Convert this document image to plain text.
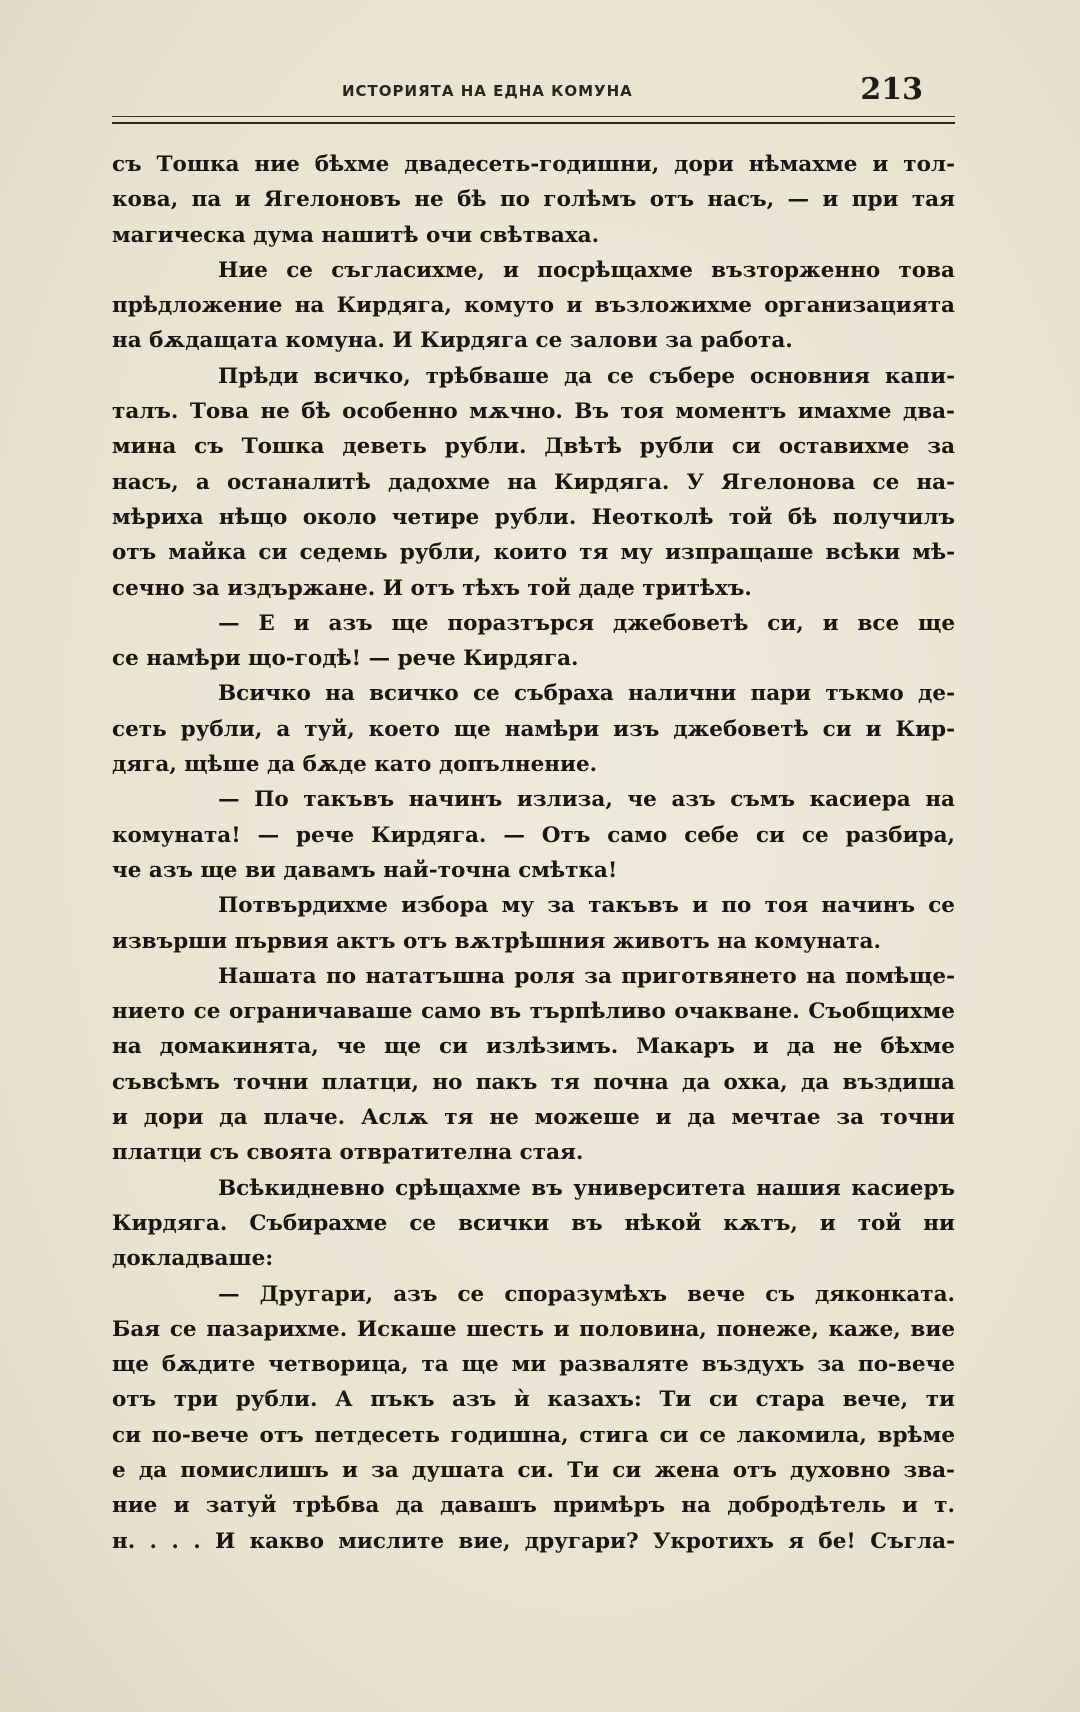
ИСТОРИЯТА НА ЕДНА КОМУНА	213
съ Тошка ние бѣхме двадесеть-годишни, дори нѣмахме и тол-
кова, па и Ягелоновъ не бѣ по голѣмъ отъ насъ, — и при тая
магическа дума нашитѣ очи свѣтваха.
Ние се съгласихме, и посрѣщахме възторженно това
прѣдложение на Кирдяга, комуто и възложихме организацията
на бѫдащата комуна. И Кирдяга се залови за работа.
Прѣди всичко, трѣбваше да се събере основния капи-
талъ. Това не бѣ особенно мѫчно. Въ тоя моментъ имахме два-
мина съ Тошка деветь рубли. Двѣтѣ рубли си оставихме за
насъ, а останалитѣ дадохме на Кирдяга. У Ягелонова се на-
мѣриха нѣщо около четире рубли. Неотколѣ той бѣ получилъ
отъ майка си седемь рубли, които тя му изпращаше всѣки мѣ-
сечно за издържане. И отъ тѣхъ той даде тритѣхъ.
— Е и азъ ще поразтърся джебоветѣ си, и все ще
се намѣри що-годѣ! — рече Кирдяга.
Всичко на всичко се събраха налични пари тъкмо де-
сеть рубли, а туй, което ще намѣри изъ джебоветѣ си и Кир-
дяга, щѣше да бѫде като допълнение.
— По такъвъ начинъ излиза, че азъ съмъ касиера на
комуната! — рече Кирдяга. — Отъ само себе си се разбира,
че азъ ще ви давамъ най-точна смѣтка!
Потвърдихме избора му за такъвъ и по тоя начинъ се
извърши първия актъ отъ вѫтрѣшния животъ на комуната.
Нашата по нататъшна роля за приготвянето на помѣще-
нието се ограничаваше само въ търпѣливо очакване. Съобщихме
на домакинята, че ще си излѣзимъ. Макаръ и да не бѣхме
съвсѣмъ точни платци, но пакъ тя почна да охка, да въздиша
и дори да плаче. Аслѫ тя не можеше и да мечтае за точни
платци съ своята отвратителна стая.
Всѣкидневно срѣщахме въ университета нашия касиеръ
Кирдяга. Събирахме се всички въ нѣкой кѫтъ, и той ни
докладваше:
— Другари, азъ се споразумѣхъ вече съ дяконката.
Бая се пазарихме. Искаше шесть и половина, понеже, каже, вие
ще бѫдите четворица, та ще ми разваляте въздухъ за по-вече
отъ три рубли. А пъкъ азъ ѝ казахъ: Ти си стара вече, ти
си по-вече отъ петдесеть годишна, стига си се лакомила, врѣме
е да помислишъ и за душата си. Ти си жена отъ духовно зва-
ние и затуй трѣбва да давашъ примѣръ на добродѣтель и т.
н. . . . И какво мислите вие, другари? Укротихъ я бе! Съгла-
